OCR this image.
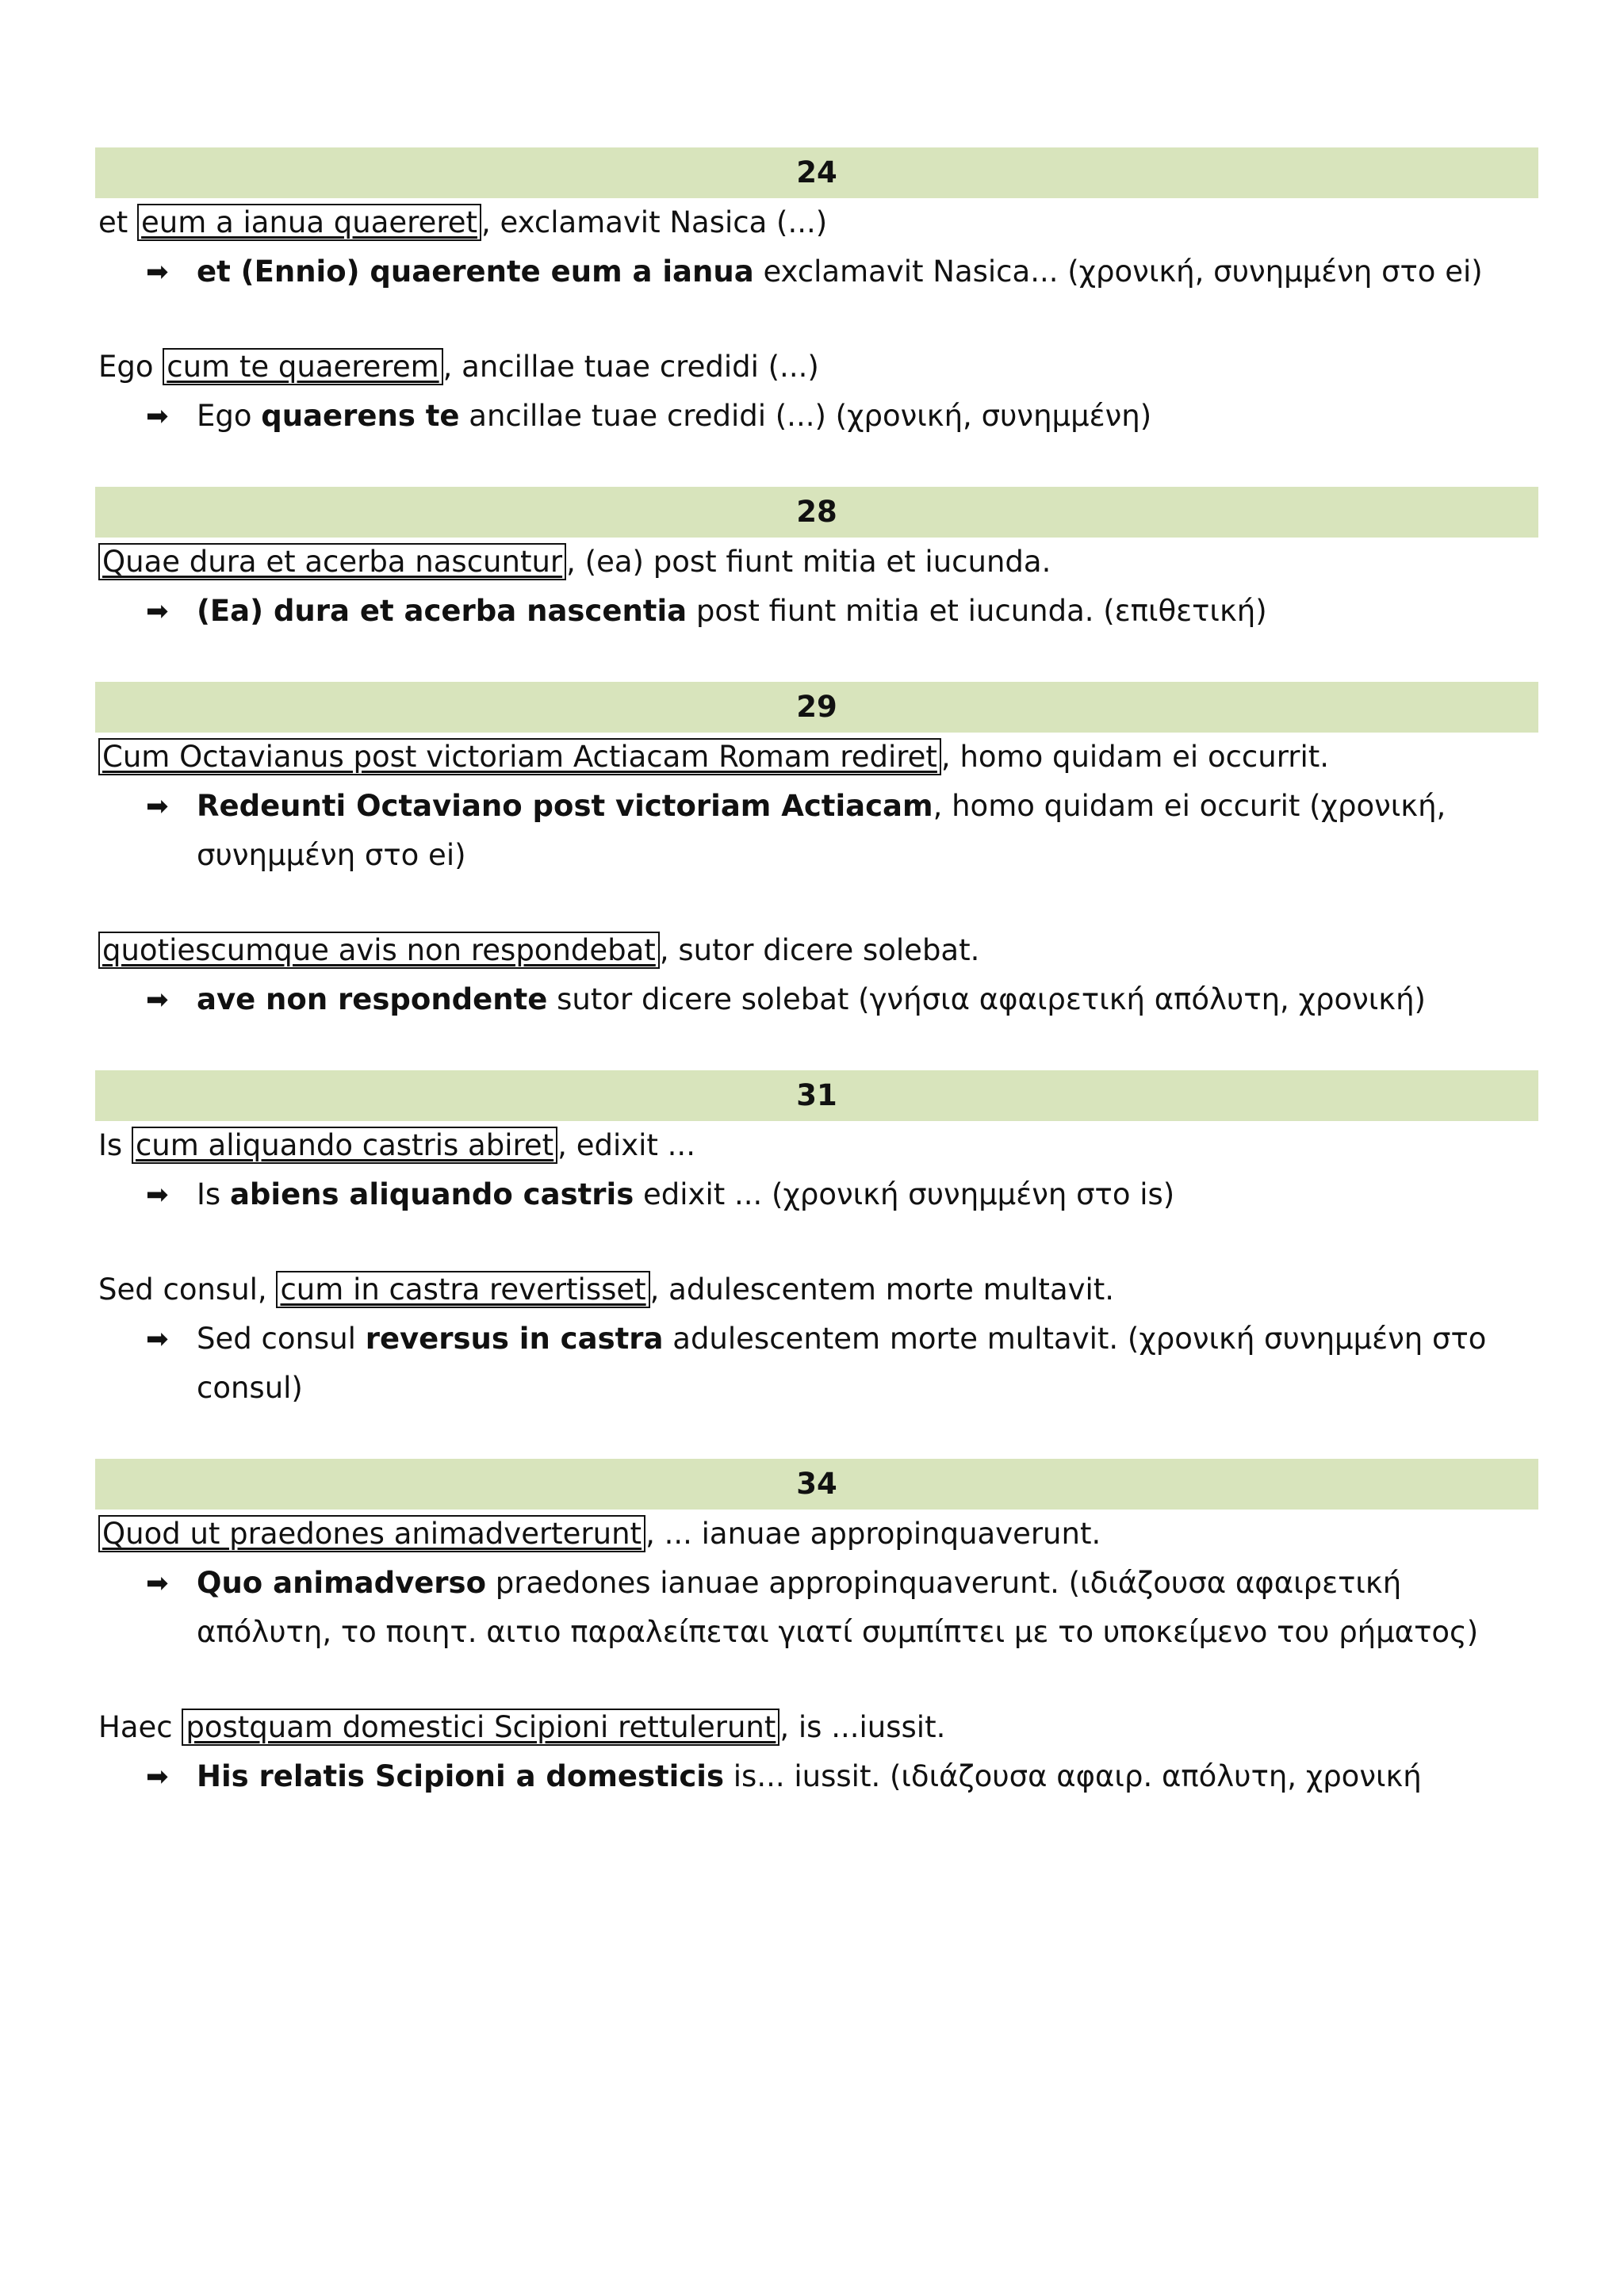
24
et eum a ianua quaereret , exclamavit Nasica (...)
➡ et (Ennio) quaerente eum a ianua exclamavit Nasica... (χρονική, συνημμένη στο ei)
Ego cum te quaererem , ancillae tuae credidi (...)
➡ Ego quaerens te ancillae tuae credidi (...) (χρονική, συνημμένη)
28
Quae dura et acerba nascuntur , (ea) post fiunt mitia et iucunda.
➡ (Ea) dura et acerba nascentia post fiunt mitia et iucunda. (επιθετική)
29
Cum Octavianus post victoriam Actiacam Romam rediret , homo quidam ei occurrit.
➡ Redeunti Octaviano post victoriam Actiacam, homo quidam ei occurit (χρονική, συνημμένη στο ei)
quotiescumque avis non respondebat , sutor dicere solebat.
➡ ave non respondente sutor dicere solebat (γνήσια αφαιρετική απόλυτη, χρονική)
31
Is cum aliquando castris abiret , edixit ...
➡ Is abiens aliquando castris edixit ... (χρονική συνημμένη στο is)
Sed consul, cum in castra revertisset , adulescentem morte multavit.
➡ Sed consul reversus in castra adulescentem morte multavit. (χρονική συνημμένη στο consul)
34
Quod ut praedones animadverterunt , ... ianuae appropinquaverunt.
➡ Quo animadverso praedones ianuae appropinquaverunt. (ιδιάζουσα αφαιρετική απόλυτη, το ποιητ. αιτιο παραλείπεται γιατί συμπίπτει με το υποκείμενο του ρήματος)
Haec postquam domestici Scipioni rettulerunt , is ...iussit.
➡ His relatis Scipioni a domesticis is... iussit. (ιδιάζουσα αφαιρ. απόλυτη, χρονική
